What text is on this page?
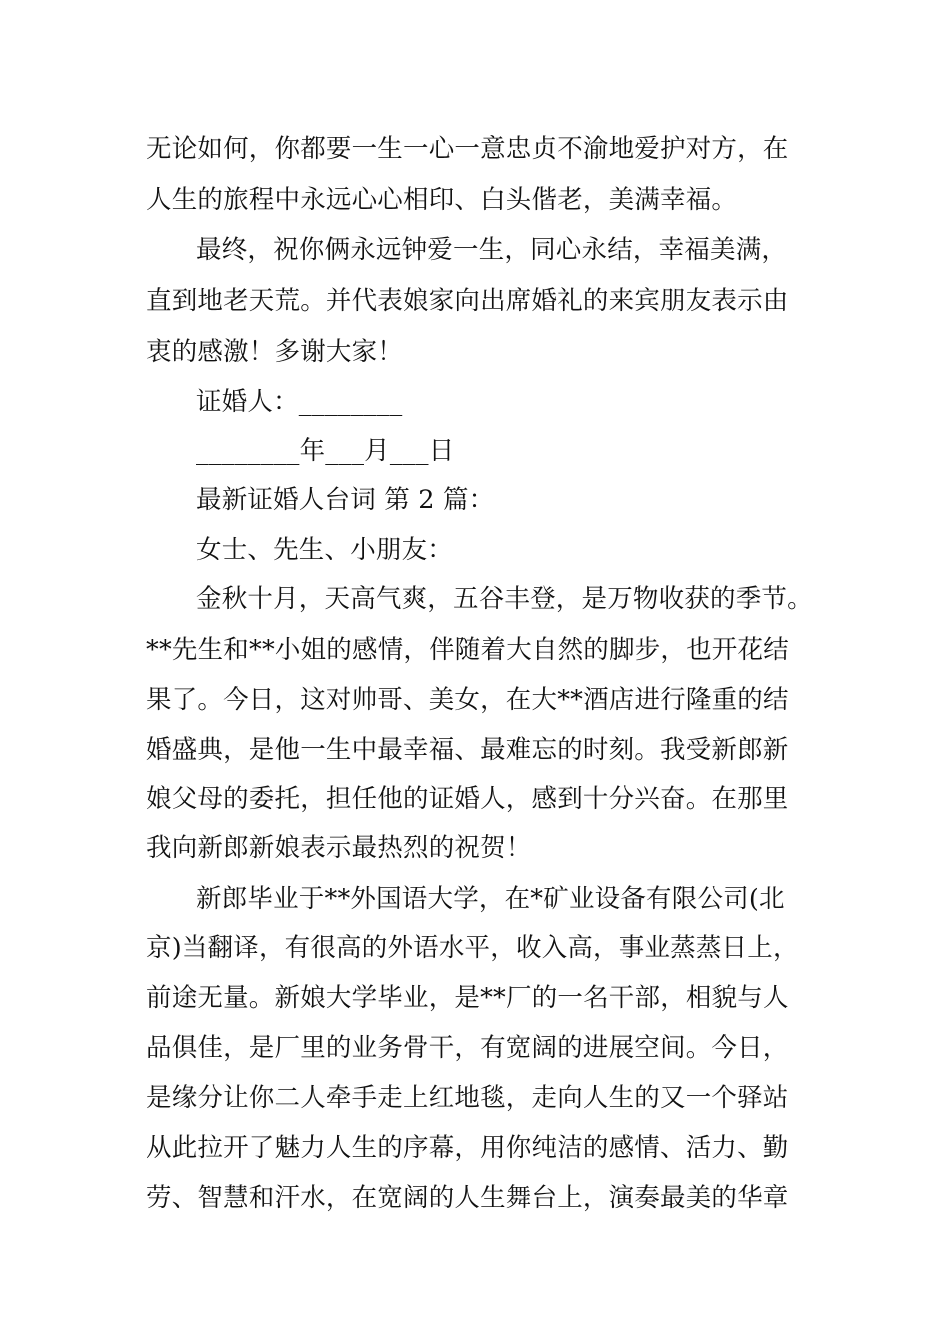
无论如何，你都要一生一心一意忠贞不渝地爱护对方，在
人生的旅程中永远心心相印、白头偕老，美满幸福。
最终，祝你俩永远钟爱一生，同心永结，幸福美满，
直到地老天荒。并代表娘家向出席婚礼的来宾朋友表示由
衷的感激！多谢大家！
证婚人：________
________年___月___日
最新证婚人台词 第 2 篇：
女士、先生、小朋友：
金秋十月，天高气爽，五谷丰登，是万物收获的季节。
**先生和**小姐的感情，伴随着大自然的脚步，也开花结
果了。今日，这对帅哥、美女，在大**酒店进行隆重的结
婚盛典，是他一生中最幸福、最难忘的时刻。我受新郎新
娘父母的委托，担任他的证婚人，感到十分兴奋。在那里
我向新郎新娘表示最热烈的祝贺！
新郎毕业于**外国语大学，在*矿业设备有限公司(北
京)当翻译，有很高的外语水平，收入高，事业蒸蒸日上，
前途无量。新娘大学毕业，是**厂的一名干部，相貌与人
品俱佳，是厂里的业务骨干，有宽阔的进展空间。今日，
是缘分让你二人牵手走上红地毯，走向人生的又一个驿站
从此拉开了魅力人生的序幕，用你纯洁的感情、活力、勤
劳、智慧和汗水，在宽阔的人生舞台上，演奏最美的华章
